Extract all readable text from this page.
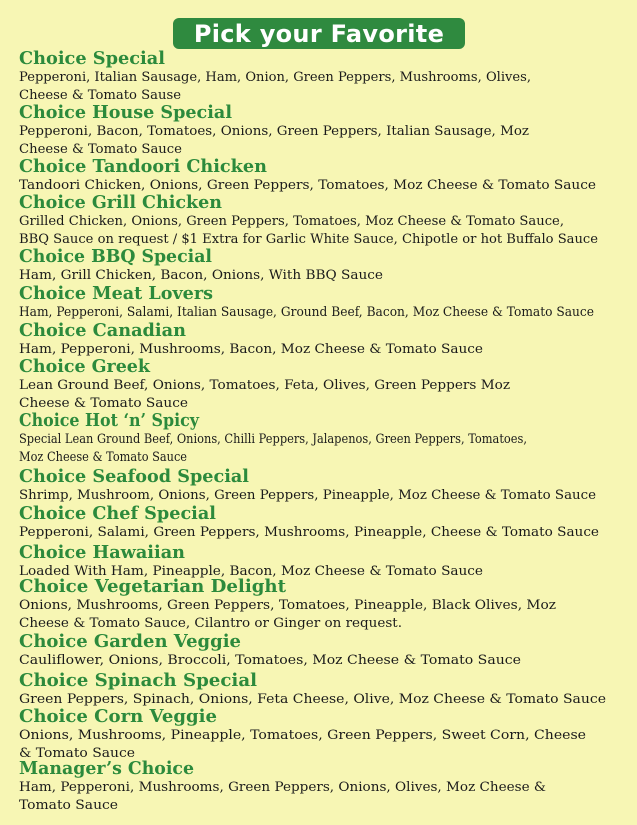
Pick your Favorite
Choice Special
Pepperoni, Italian Sausage, Ham, Onion, Green Peppers, Mushrooms, Olives,
Cheese & Tomato Sause
Choice House Special
Pepperoni, Bacon, Tomatoes, Onions, Green Peppers, Italian Sausage, Moz
Cheese & Tomato Sauce
Choice Tandoori Chicken
Tandoori Chicken, Onions, Green Peppers, Tomatoes, Moz Cheese & Tomato Sauce
Choice Grill Chicken
Grilled Chicken, Onions, Green Peppers, Tomatoes, Moz Cheese & Tomato Sauce,
BBQ Sauce on request / $1 Extra for Garlic White Sauce, Chipotle or hot Buffalo Sauce
Choice BBQ Special
Ham, Grill Chicken, Bacon, Onions, With BBQ Sauce
Choice Meat Lovers
Ham, Pepperoni, Salami, Italian Sausage, Ground Beef, Bacon, Moz Cheese & Tomato Sauce
Choice Canadian
Ham, Pepperoni, Mushrooms, Bacon, Moz Cheese & Tomato Sauce
Choice Greek
Lean Ground Beef, Onions, Tomatoes, Feta, Olives, Green Peppers Moz
Cheese & Tomato Sauce
Choice Hot ‘n’ Spicy
Special Lean Ground Beef, Onions, Chilli Peppers, Jalapenos, Green Peppers, Tomatoes,
Moz Cheese & Tomato Sauce
Choice Seafood Special
Shrimp, Mushroom, Onions, Green Peppers, Pineapple, Moz Cheese & Tomato Sauce
Choice Chef Special
Pepperoni, Salami, Green Peppers, Mushrooms, Pineapple, Cheese & Tomato Sauce
Choice Hawaiian
Loaded With Ham, Pineapple, Bacon, Moz Cheese & Tomato Sauce
Choice Vegetarian Delight
Onions, Mushrooms, Green Peppers, Tomatoes, Pineapple, Black Olives, Moz
Cheese & Tomato Sauce, Cilantro or Ginger on request.
Choice Garden Veggie
Cauliflower, Onions, Broccoli, Tomatoes, Moz Cheese & Tomato Sauce
Choice Spinach Special
Green Peppers, Spinach, Onions, Feta Cheese, Olive, Moz Cheese & Tomato Sauce
Choice Corn Veggie
Onions, Mushrooms, Pineapple, Tomatoes, Green Peppers, Sweet Corn, Cheese
& Tomato Sauce
Manager’s Choice
Ham, Pepperoni, Mushrooms, Green Peppers, Onions, Olives, Moz Cheese &
Tomato Sauce
